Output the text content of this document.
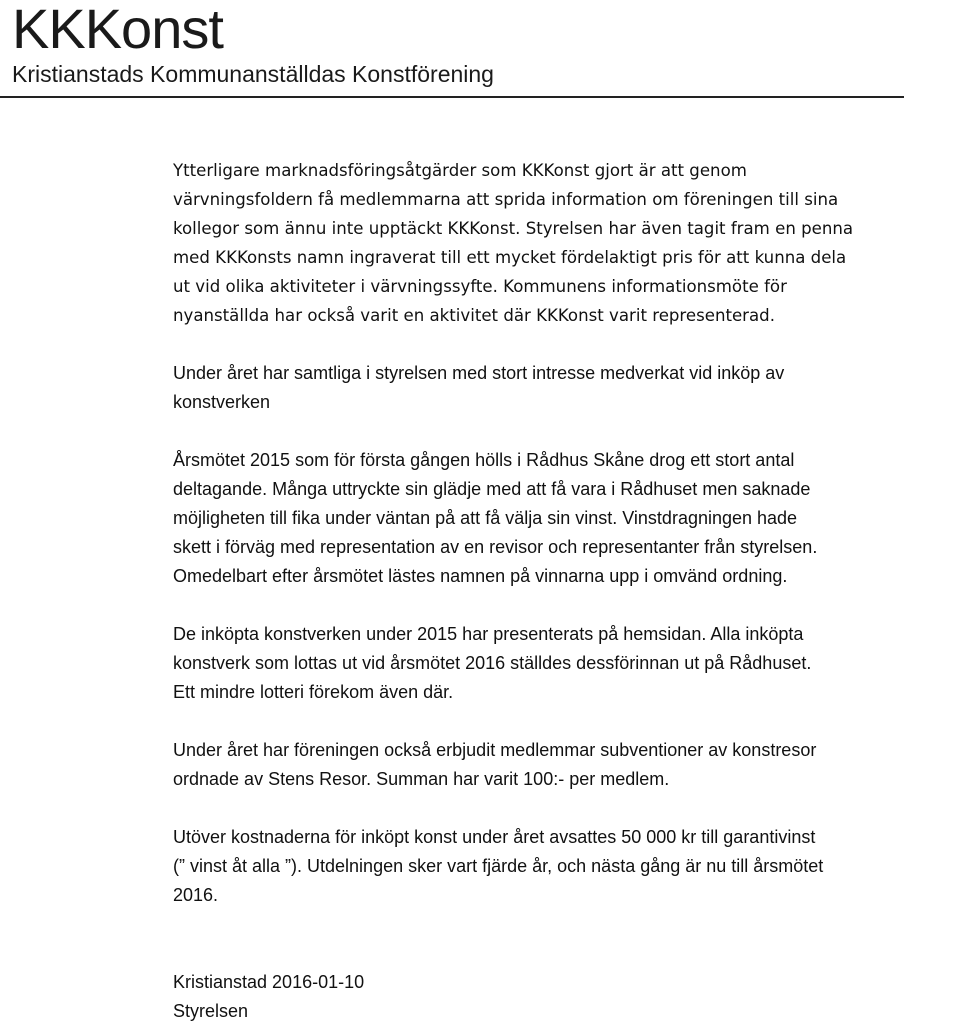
KKKonst
Kristianstads Kommunanställdas Konstförening

Ytterligare marknadsföringsåtgärder som KKKonst gjort är att genom
värvningsfoldern få medlemmarna att sprida information om föreningen till sina
kollegor som ännu inte upptäckt KKKonst. Styrelsen har även tagit fram en penna
med KKKonsts namn ingraverat till ett mycket fördelaktigt pris för att kunna dela
ut vid olika aktiviteter i värvningssyfte. Kommunens informationsmöte för
nyanställda har också varit en aktivitet där KKKonst varit representerad.

Under året har samtliga i styrelsen med stort intresse medverkat vid inköp av
konstverken

Årsmötet 2015 som för första gången hölls i Rådhus Skåne drog ett stort antal
deltagande. Många uttryckte sin glädje med att få vara i Rådhuset men saknade
möjligheten till fika under väntan på att få välja sin vinst. Vinstdragningen hade
skett i förväg med representation av en revisor och representanter från styrelsen.
Omedelbart efter årsmötet lästes namnen på vinnarna upp i omvänd ordning.

De inköpta konstverken under 2015 har presenterats på hemsidan. Alla inköpta
konstverk som lottas ut vid årsmötet 2016 ställdes dessförinnan ut på Rådhuset.
Ett mindre lotteri förekom även där.

Under året har föreningen också erbjudit medlemmar subventioner av konstresor
ordnade av Stens Resor. Summan har varit 100:- per medlem.

Utöver kostnaderna för inköpt konst under året avsattes 50 000 kr till garantivinst
(” vinst åt alla ”). Utdelningen sker vart fjärde år, och nästa gång är nu till årsmötet
2016.

Kristianstad 2016-01-10
Styrelsen
